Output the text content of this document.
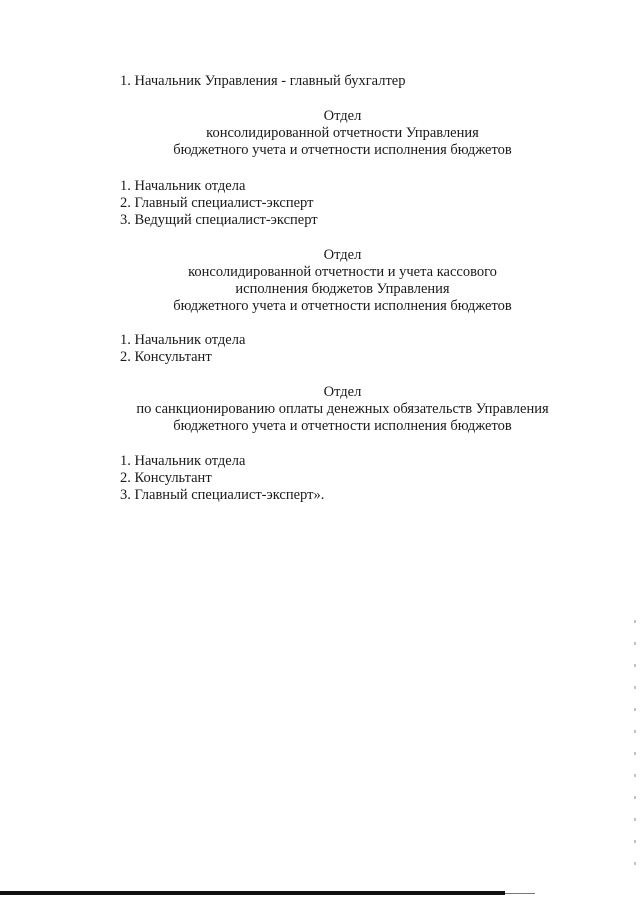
1. Начальник Управления - главный бухгалтер
Отдел
консолидированной отчетности Управления
бюджетного учета и отчетности исполнения бюджетов
1. Начальник отдела
2. Главный специалист-эксперт
3. Ведущий специалист-эксперт
Отдел
консолидированной отчетности и учета кассового
исполнения бюджетов Управления
бюджетного учета и отчетности исполнения бюджетов
1. Начальник отдела
2. Консультант
Отдел
по санкционированию оплаты денежных обязательств Управления
бюджетного учета и отчетности исполнения бюджетов
1. Начальник отдела
2. Консультант
3. Главный специалист-эксперт».
